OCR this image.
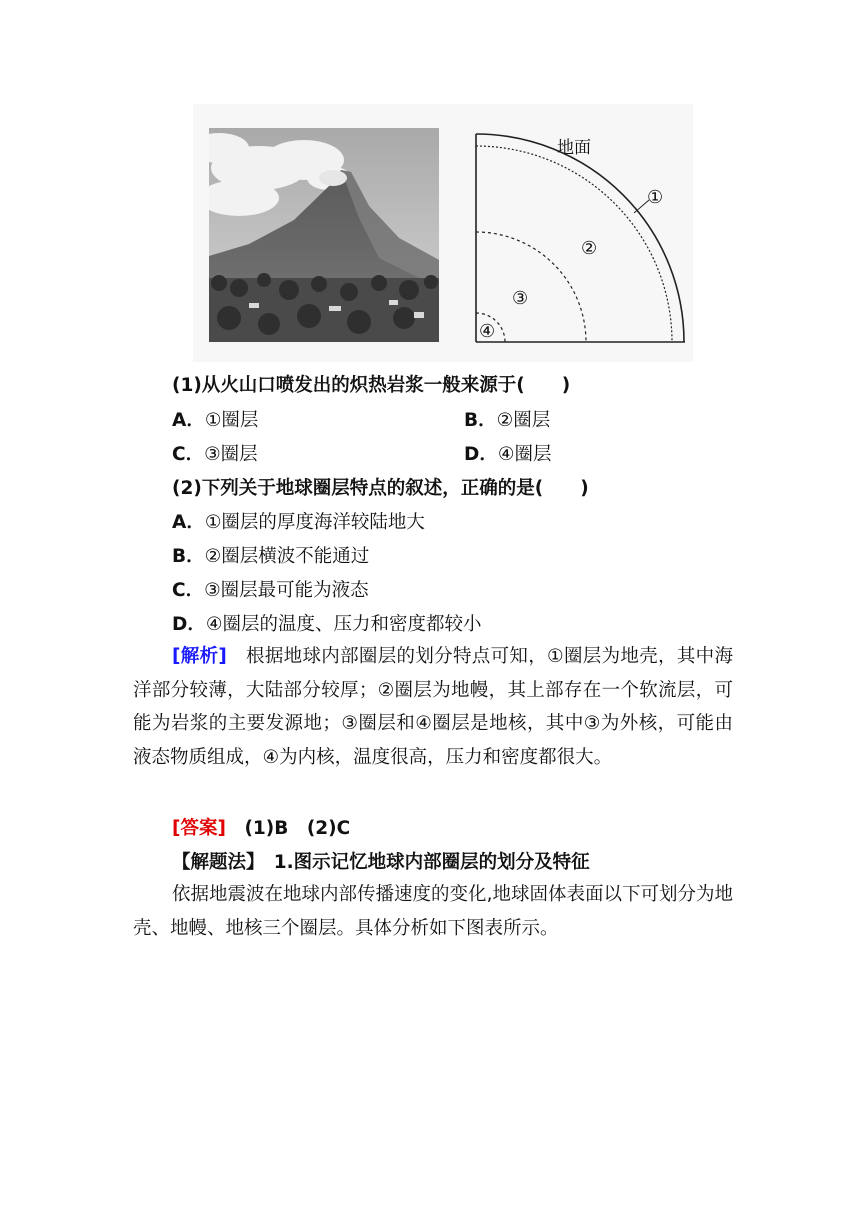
地面
①
②
③
④
(1)从火山口喷发出的炽热岩浆一般来源于(　　)
A．①圈层	B．②圈层
C．③圈层	D．④圈层
(2)下列关于地球圈层特点的叙述，正确的是(　　)
A．①圈层的厚度海洋较陆地大
B．②圈层横波不能通过
C．③圈层最可能为液态
D．④圈层的温度、压力和密度都较小
[解析]　 根据地球内部圈层的划分特点可知，①圈层为地壳，其中海洋部分较薄，大陆部分较厚；②圈层为地幔，其上部存在一个软流层，可能为岩浆的主要发源地；③圈层和④圈层是地核，其中③为外核，可能由液态物质组成，④为内核，温度很高，压力和密度都很大。
[答案]　 (1)B　(2)C
【解题法】　 1.图示记忆地球内部圈层的划分及特征
依据地震波在地球内部传播速度的变化,地球固体表面以下可划分为地壳、地幔、地核三个圈层。具体分析如下图表所示。
